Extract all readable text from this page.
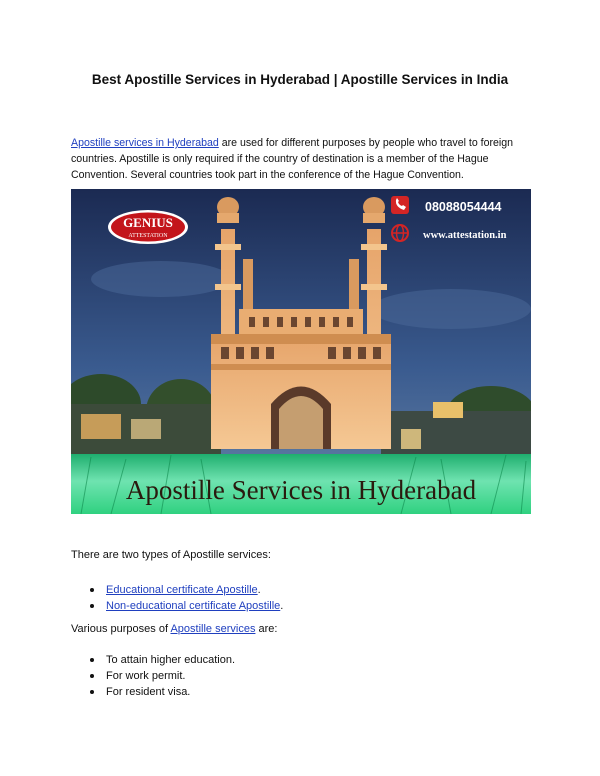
Best Apostille Services in Hyderabad | Apostille Services in India
Apostille services in Hyderabad are used for different purposes by people who travel to foreign countries. Apostille is only required if the country of destination is a member of the Hague Convention. Several countries took part in the conference of the Hague Convention.
GENIUS
ATTESTATION
08088054444
www.attestation.in
Apostille Services in Hyderabad
There are two types of Apostille services:
Educational certificate Apostille.
Non-educational certificate Apostille.
Various purposes of Apostille services are:
To attain higher education.
For work permit.
For resident visa.
